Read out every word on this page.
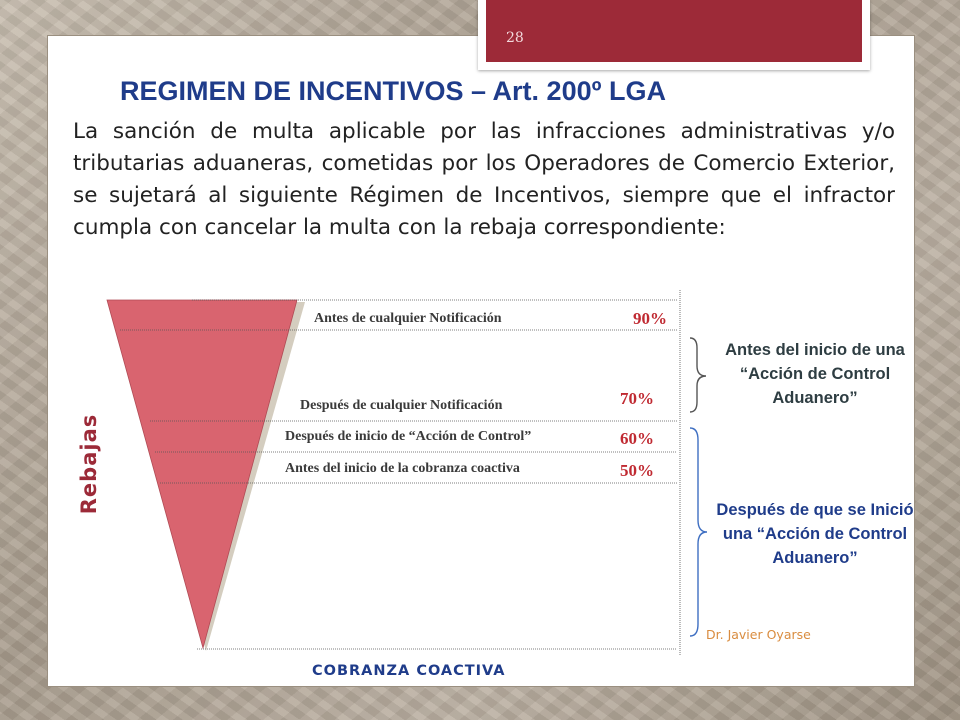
28
REGIMEN DE INCENTIVOS – Art. 200º LGA

La sanción de multa aplicable por las infracciones administrativas y/o tributarias aduaneras, cometidas por los Operadores de Comercio Exterior, se sujetará al siguiente Régimen de Incentivos, siempre que el infractor cumpla con cancelar la multa con la rebaja correspondiente:

Antes de cualquier Notificación	90%
Después de cualquier Notificación	70%
Después de inicio de “Acción de Control”	60%
Antes del inicio de la cobranza coactiva	50%
Rebajas
Antes del inicio de una “Acción de Control Aduanero”
Después de que se Inició una “Acción de Control Aduanero”
Dr. Javier Oyarse
COBRANZA COACTIVA
